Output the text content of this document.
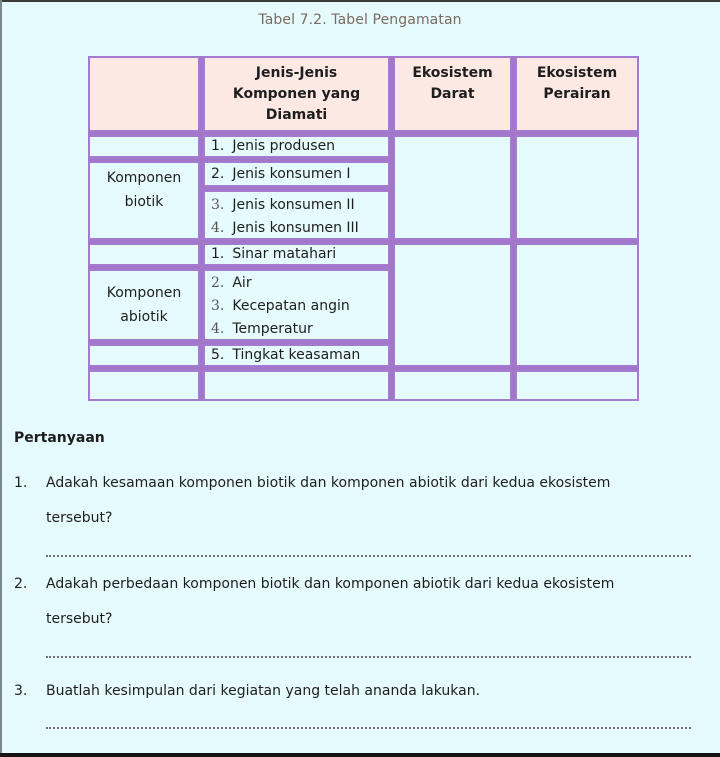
Tabel 7.2. Tabel Pengamatan
Jenis-Jenis
Komponen yang
Diamati
Ekosistem
Darat
Ekosistem
Perairan
Komponen
biotik
1. Jenis produsen
2. Jenis konsumen I
3. Jenis konsumen II
4. Jenis konsumen III
Komponen
abiotik
1. Sinar matahari
2. Air
3. Kecepatan angin
4. Temperatur
5. Tingkat keasaman
Pertanyaan
1. Adakah kesamaan komponen biotik dan komponen abiotik dari kedua ekosistem
tersebut?
2. Adakah perbedaan komponen biotik dan komponen abiotik dari kedua ekosistem
tersebut?
3. Buatlah kesimpulan dari kegiatan yang telah ananda lakukan.
